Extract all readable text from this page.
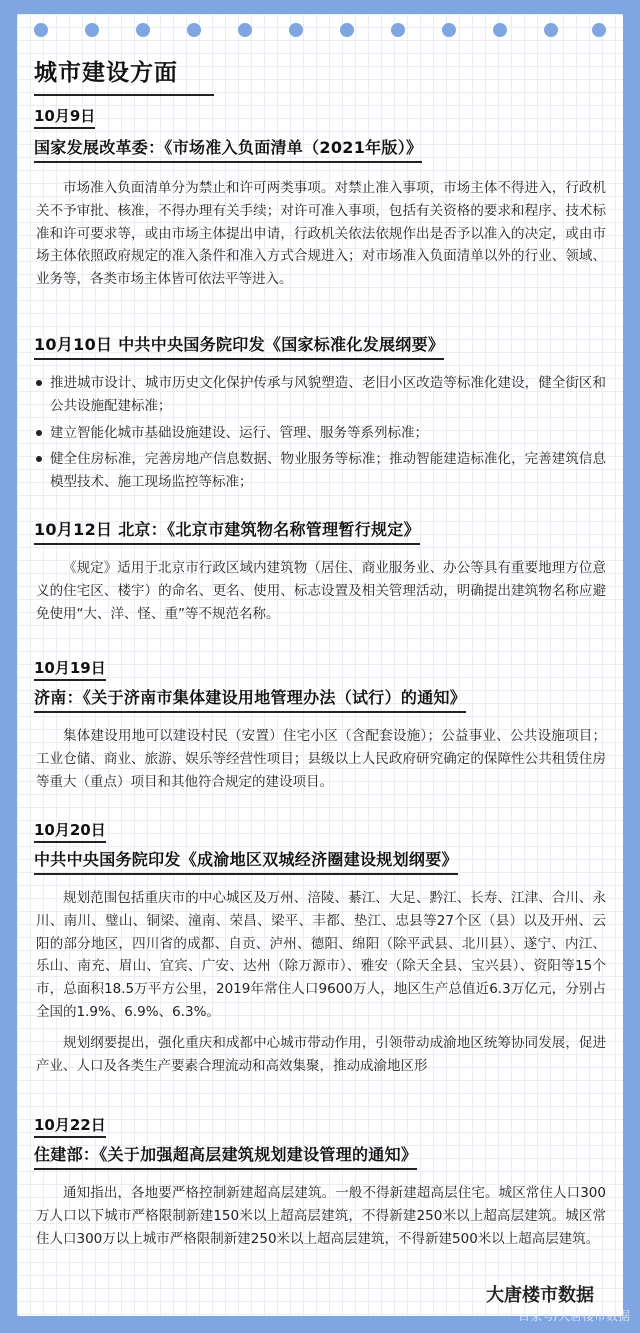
城市建设方面
10月9日
国家发展改革委：《市场准入负面清单（2021年版）》

市场准入负面清单分为禁止和许可两类事项。对禁止准入事项，市场主体不得进入，行政机关不予审批、核准，不得办理有关手续；对许可准入事项，包括有关资格的要求和程序、技术标准和许可要求等，或由市场主体提出申请，行政机关依法依规作出是否予以准入的决定，或由市场主体依照政府规定的准入条件和准入方式合规进入；对市场准入负面清单以外的行业、领域、业务等，各类市场主体皆可依法平等进入。

10月10日 中共中央国务院印发《国家标准化发展纲要》
推进城市设计、城市历史文化保护传承与风貌塑造、老旧小区改造等标准化建设，健全街区和公共设施配建标准；
建立智能化城市基础设施建设、运行、管理、服务等系列标准；
健全住房标准，完善房地产信息数据、物业服务等标准；推动智能建造标准化，完善建筑信息模型技术、施工现场监控等标准；
10月12日 北京：《北京市建筑物名称管理暂行规定》

《规定》适用于北京市行政区域内建筑物（居住、商业服务业、办公等具有重要地理方位意义的住宅区、楼宇）的命名、更名、使用、标志设置及相关管理活动，明确提出建筑物名称应避免使用“大、洋、怪、重”等不规范名称。

10月19日
济南：《关于济南市集体建设用地管理办法（试行）的通知》

集体建设用地可以建设村民（安置）住宅小区（含配套设施）；公益事业、公共设施项目；工业仓储、商业、旅游、娱乐等经营性项目；县级以上人民政府研究确定的保障性公共租赁住房等重大（重点）项目和其他符合规定的建设项目。

10月20日
中共中央国务院印发《成渝地区双城经济圈建设规划纲要》

规划范围包括重庆市的中心城区及万州、涪陵、綦江、大足、黔江、长寿、江津、合川、永川、南川、璧山、铜梁、潼南、荣昌、梁平、丰都、垫江、忠县等27个区（县）以及开州、云阳的部分地区，四川省的成都、自贡、泸州、德阳、绵阳（除平武县、北川县）、遂宁、内江、乐山、南充、眉山、宜宾、广安、达州（除万源市）、雅安（除天全县、宝兴县）、资阳等15个市，总面积18.5万平方公里，2019年常住人口9600万人，地区生产总值近6.3万亿元，分别占全国的1.9%、6.9%、6.3%。

规划纲要提出，强化重庆和成都中心城市带动作用，引领带动成渝地区统筹协同发展，促进产业、人口及各类生产要素合理流动和高效集聚，推动成渝地区形

10月22日
住建部：《关于加强超高层建筑规划建设管理的通知》

通知指出，各地要严格控制新建超高层建筑。一般不得新建超高层住宅。城区常住人口300万人口以下城市严格限制新建150米以上超高层建筑，不得新建250米以上超高层建筑。城区常住人口300万以上城市严格限制新建250米以上超高层建筑，不得新建500米以上超高层建筑。

大唐楼市数据
百家号/大唐楼市数据
